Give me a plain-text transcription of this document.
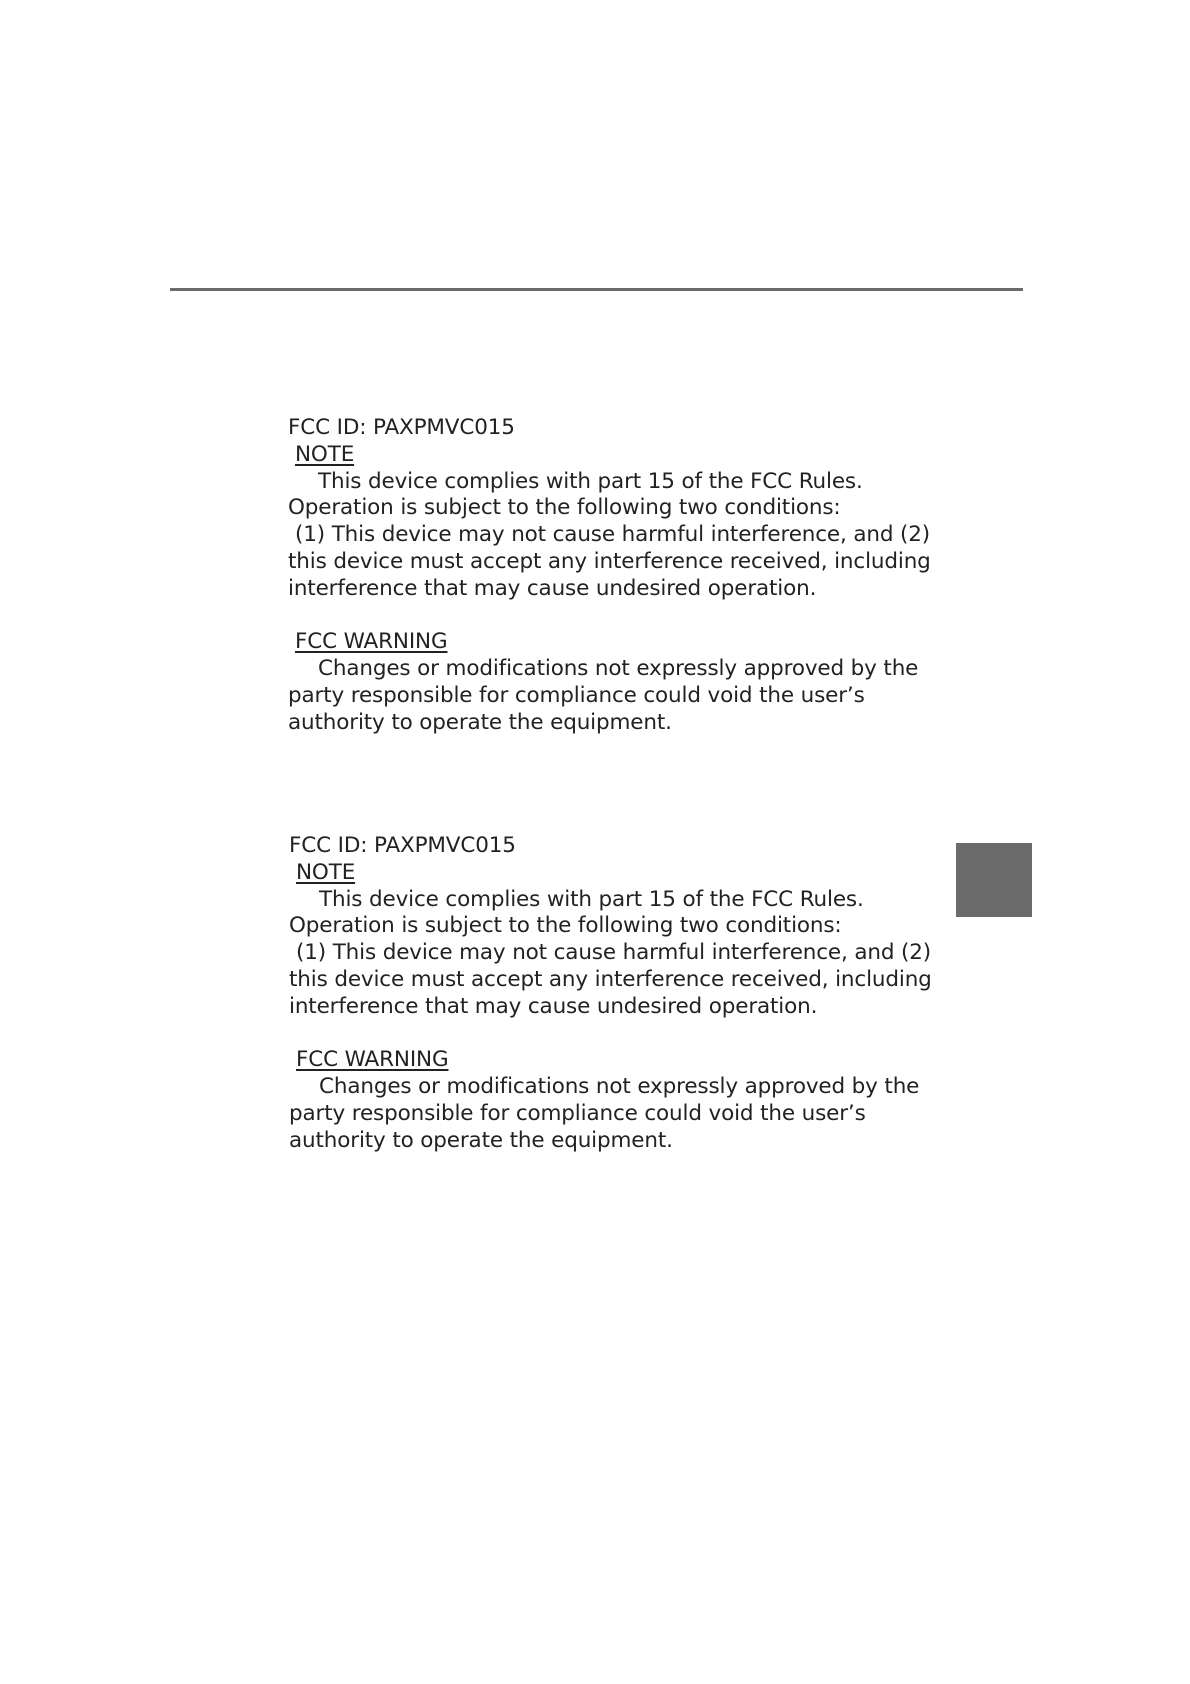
FCC ID: PAXPMVC015
NOTE
This device complies with part 15 of the FCC Rules.
Operation is subject to the following two conditions:
(1) This device may not cause harmful interference, and (2)
this device must accept any interference received, including
interference that may cause undesired operation.
FCC WARNING
Changes or modifications not expressly approved by the
party responsible for compliance could void the user’s
authority to operate the equipment.
FCC ID: PAXPMVC015
NOTE
This device complies with part 15 of the FCC Rules.
Operation is subject to the following two conditions:
(1) This device may not cause harmful interference, and (2)
this device must accept any interference received, including
interference that may cause undesired operation.
FCC WARNING
Changes or modifications not expressly approved by the
party responsible for compliance could void the user’s
authority to operate the equipment.
